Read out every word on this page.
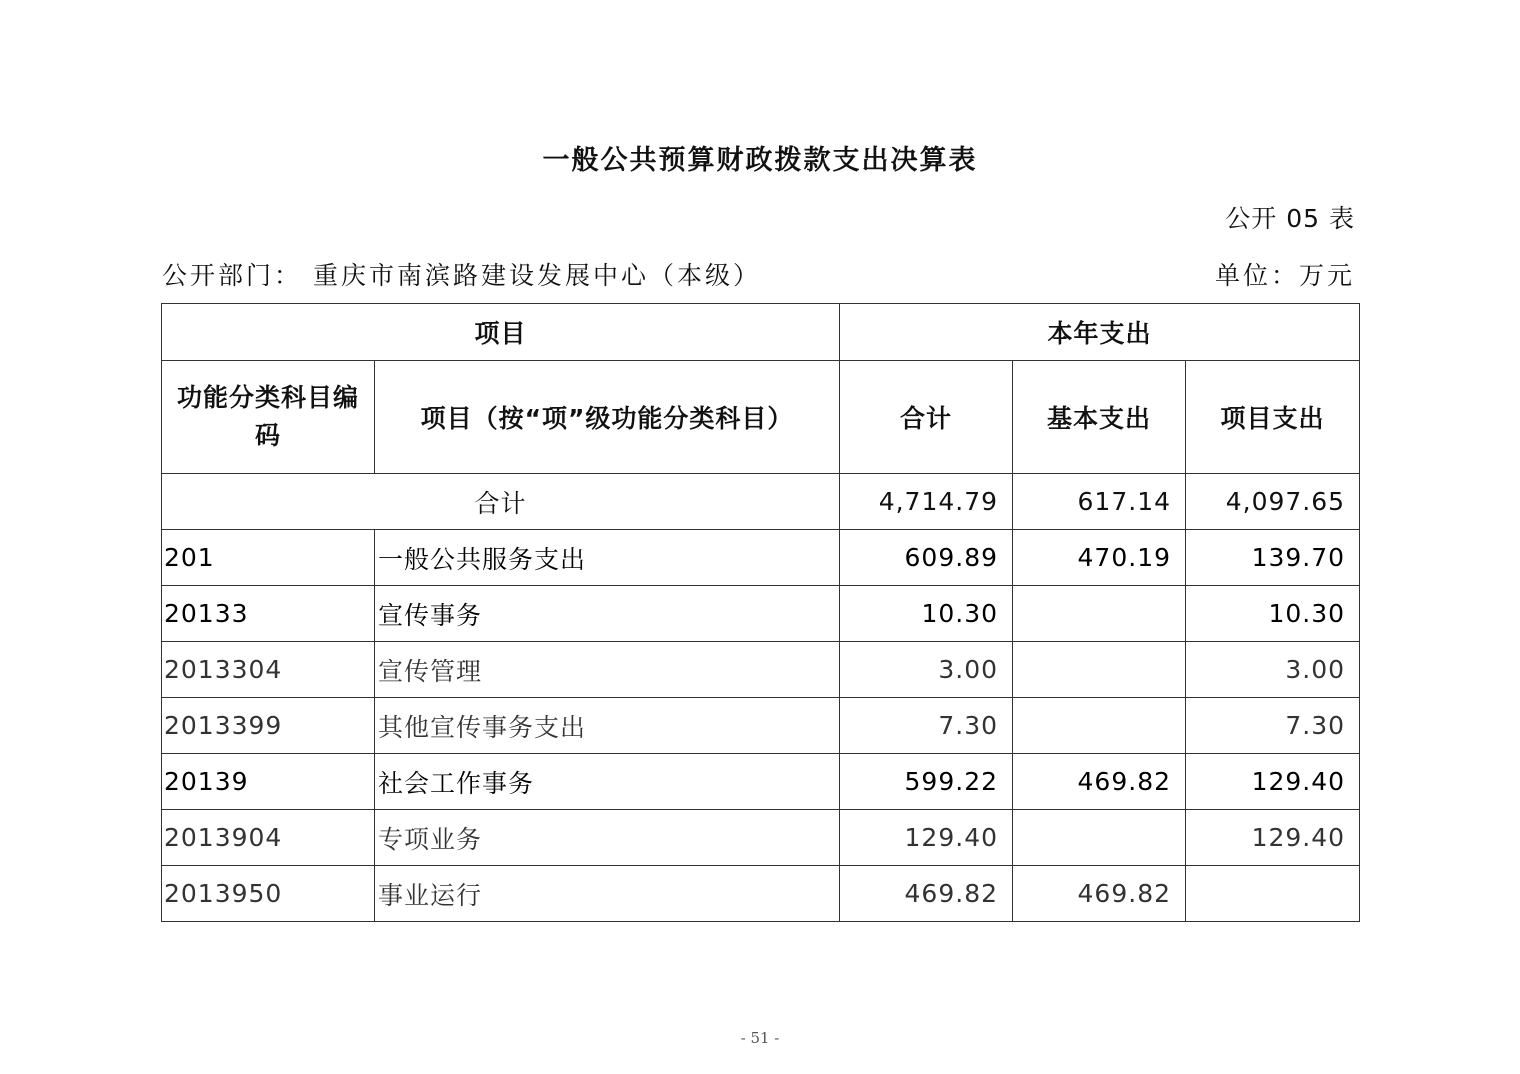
一般公共预算财政拨款支出决算表
公开 05 表
公开部门： 重庆市南滨路建设发展中心（本级）	单位：万元
项目		本年支出		
功能分类科目编码	项目（按“项”级功能分类科目）	合计	基本支出	项目支出
合计		4,714.79	617.14	4,097.65
201	一般公共服务支出	609.89	470.19	139.70
20133	宣传事务	10.30		10.30
2013304	宣传管理	3.00		3.00
2013399	其他宣传事务支出	7.30		7.30
20139	社会工作事务	599.22	469.82	129.40
2013904	专项业务	129.40		129.40
2013950	事业运行	469.82	469.82	
- 51 -
